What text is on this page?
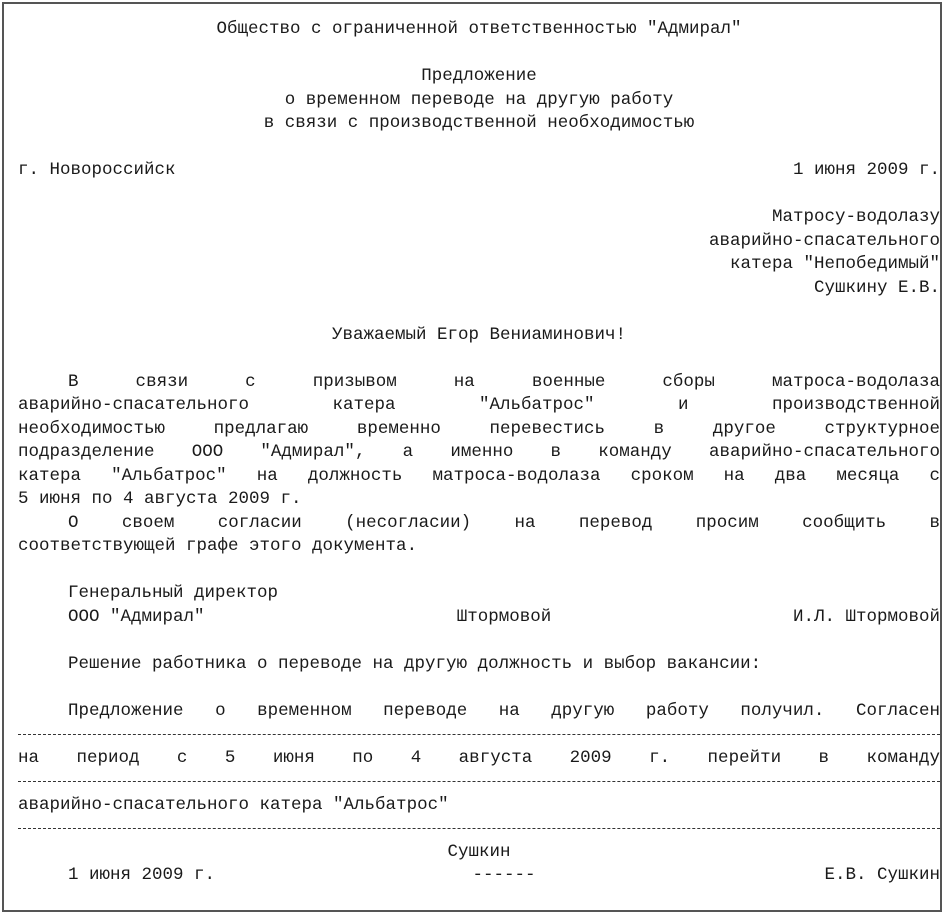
Общество с ограниченной ответственностью "Адмирал"
Предложение
о временном переводе на другую работу
в связи с производственной необходимостью
г. Новороссийск	1 июня 2009 г.
Матросу-водолазу
аварийно-спасательного
катера "Непобедимый"
Сушкину Е.В.
Уважаемый Егор Вениаминович!
В связи с призывом на военные сборы матроса-водолаза
аварийно-спасательного катера "Альбатрос" и производственной
необходимостью предлагаю временно перевестись в другое структурное
подразделение ООО "Адмирал", а именно в команду аварийно-спасательного
катера "Альбатрос" на должность матроса-водолаза сроком на два месяца с
5 июня по 4 августа 2009 г.
О своем согласии (несогласии) на перевод просим сообщить в
соответствующей графе этого документа.
Генеральный директор
ООО "Адмирал"	Штормовой	И.Л. Штормовой
Решение работника о переводе на другую должность и выбор вакансии:
Предложение о временном переводе на другую работу получил. Согласен
на период с 5 июня по 4 августа 2009 г. перейти в команду
аварийно-спасательного катера "Альбатрос"
Сушкин
1 июня 2009 г.	------	Е.В. Сушкин
